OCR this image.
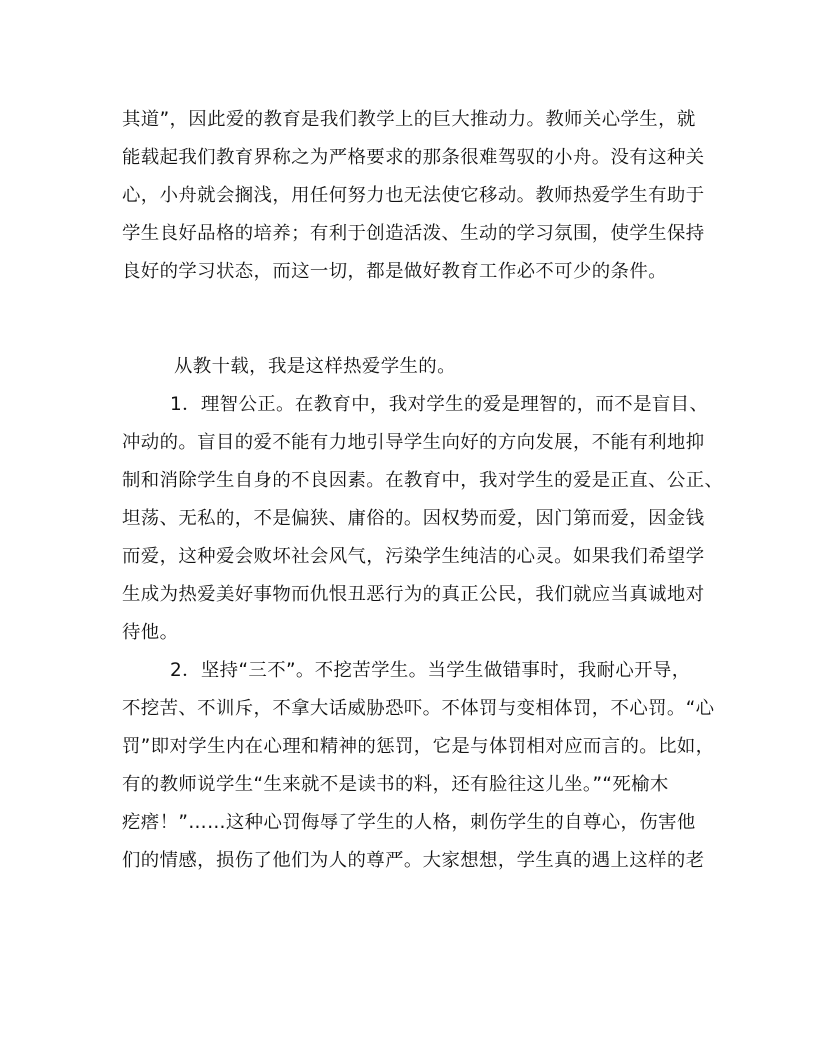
其道”，因此爱的教育是我们教学上的巨大推动力。教师关心学生，就
能载起我们教育界称之为严格要求的那条很难驾驭的小舟。没有这种关
心，小舟就会搁浅，用任何努力也无法使它移动。教师热爱学生有助于
学生良好品格的培养；有利于创造活泼、生动的学习氛围，使学生保持
良好的学习状态，而这一切，都是做好教育工作必不可少的条件。
从教十载，我是这样热爱学生的。
1．理智公正。在教育中，我对学生的爱是理智的，而不是盲目、
冲动的。盲目的爱不能有力地引导学生向好的方向发展，不能有利地抑
制和消除学生自身的不良因素。在教育中，我对学生的爱是正直、公正、
坦荡、无私的，不是偏狭、庸俗的。因权势而爱，因门第而爱，因金钱
而爱，这种爱会败坏社会风气，污染学生纯洁的心灵。如果我们希望学
生成为热爱美好事物而仇恨丑恶行为的真正公民，我们就应当真诚地对
待他。
2．坚持“三不”。不挖苦学生。当学生做错事时，我耐心开导，
不挖苦、不训斥，不拿大话威胁恐吓。不体罚与变相体罚，不心罚。“心
罚”即对学生内在心理和精神的惩罚，它是与体罚相对应而言的。比如，
有的教师说学生“生来就不是读书的料，还有脸往这儿坐。”“死榆木
疙瘩！”……这种心罚侮辱了学生的人格，刺伤学生的自尊心，伤害他
们的情感，损伤了他们为人的尊严。大家想想，学生真的遇上这样的老
